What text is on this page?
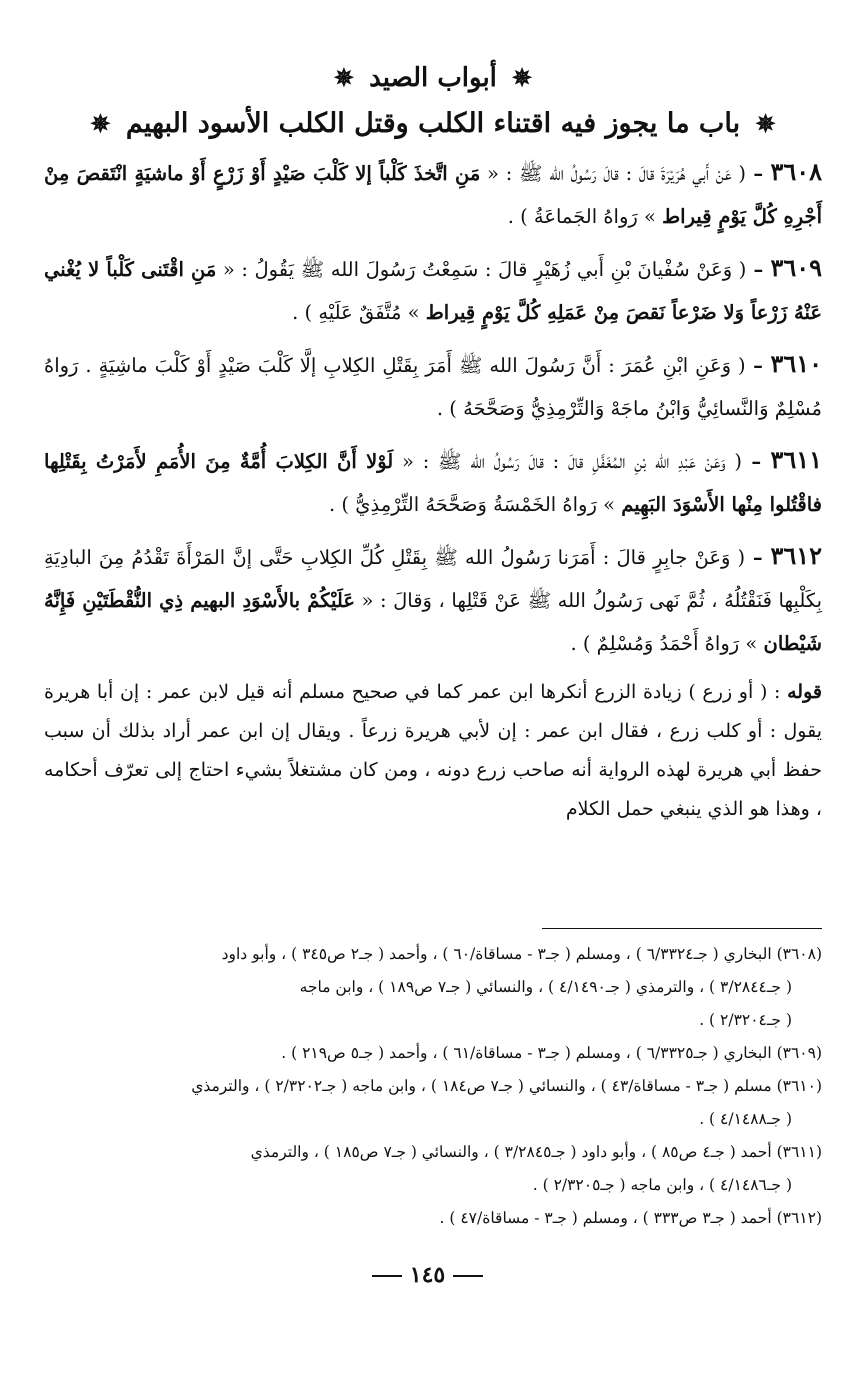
✵ أبواب الصيد ✵
✵ باب ما يجوز فيه اقتناء الكلب وقتل الكلب الأسود البهيم ✵

٣٦٠٨ – ( عَنْ أَبي هُرَيْرَةَ قالَ : قالَ رَسُولُ الله ﷺ : « مَنِ اتَّخذَ كَلْباً إلا كَلْبَ صَيْدٍ أَوْ زَرْعٍ أَوْ ماشيَةٍ انْتَقصَ مِنْ أَجْرِهِ كُلَّ يَوْمٍ قِيراط » رَواهُ الجَماعَةُ ) .

٣٦٠٩ – ( وَعَنْ سُفْيانَ بْنِ أَبي زُهَيْرٍ قالَ : سَمِعْتُ رَسُولَ الله ﷺ يَقُولُ : « مَنِ اقْتَنى كَلْباً لا يُغْني عَنْهُ زَرْعاً وَلا ضَرْعاً نَقصَ مِنْ عَمَلِهِ كُلَّ يَوْمٍ قِيراط » مُتَّفَقٌ عَلَيْهِ ) .

٣٦١٠ – ( وَعَنِ ابْنِ عُمَرَ : أَنَّ رَسُولَ الله ﷺ أَمَرَ بِقَتْلِ الكِلابِ إلَّا كَلْبَ صَيْدٍ أَوْ كَلْبَ ماشِيَةٍ . رَواهُ مُسْلِمٌ وَالنَّسائِيُّ وَابْنُ ماجَهْ وَالتِّرْمِذِيُّ وَصَحَّحَهُ ) .

٣٦١١ – ( وَعَنْ عَبْدِ الله بْنِ المُغَفَّلِ قالَ : قالَ رَسُولُ الله ﷺ : « لَوْلا أَنَّ الكِلابَ أُمَّةٌ مِنَ الأُمَمِ لأَمَرْتُ بِقَتْلِها فاقْتُلوا مِنْها الأَسْوَدَ البَهِيم » رَواهُ الخَمْسَةُ وَصَحَّحَهُ التِّرْمِذِيُّ ) .

٣٦١٢ – ( وَعَنْ جابِرٍ قالَ : أَمَرَنا رَسُولُ الله ﷺ بِقَتْلِ كُلِّ الكِلابِ حَتَّى إنَّ المَرْأَةَ تَقْدُمُ مِنَ البادِيَةِ بِكَلْبِها فَنَقْتُلُهُ ، ثُمَّ نَهى رَسُولُ الله ﷺ عَنْ قَتْلِها ، وَقالَ : « عَلَيْكُمْ بالأَسْوَدِ البهيم ذِي النُّقْطَتَيْنِ فَإِنَّهُ شَيْطان » رَواهُ أَحْمَدُ وَمُسْلِمٌ ) .

قوله : ( أو زرع ) زيادة الزرع أنكرها ابن عمر كما في صحيح مسلم أنه قيل لابن عمر : إن أبا هريرة يقول : أو كلب زرع ، فقال ابن عمر : إن لأبي هريرة زرعاً . ويقال إن ابن عمر أراد بذلك أن سبب حفظ أبي هريرة لهذه الرواية أنه صاحب زرع دونه ، ومن كان مشتغلاً بشيء احتاج إلى تعرّف أحكامه ، وهذا هو الذي ينبغي حمل الكلام

(٣٦٠٨) البخاري ( جـ٦/٣٣٢٤ ) ، ومسلم ( جـ٣ - مساقاة/٦٠ ) ، وأحمد ( جـ٢ ص٣٤٥ ) ، وأبو داود

( جـ٣/٢٨٤٤ ) ، والترمذي ( جـ٤/١٤٩٠ ) ، والنسائي ( جـ٧ ص١٨٩ ) ، وابن ماجه

( جـ٢/٣٢٠٤ ) .

(٣٦٠٩) البخاري ( جـ٦/٣٣٢٥ ) ، ومسلم ( جـ٣ - مساقاة/٦١ ) ، وأحمد ( جـ٥ ص٢١٩ ) .

(٣٦١٠) مسلم ( جـ٣ - مساقاة/٤٣ ) ، والنسائي ( جـ٧ ص١٨٤ ) ، وابن ماجه ( جـ٢/٣٢٠٢ ) ، والترمذي

( جـ٤/١٤٨٨ ) .

(٣٦١١) أحمد ( جـ٤ ص٨٥ ) ، وأبو داود ( جـ٣/٢٨٤٥ ) ، والنسائي ( جـ٧ ص١٨٥ ) ، والترمذي

( جـ٤/١٤٨٦ ) ، وابن ماجه ( جـ٢/٣٢٠٥ ) .

(٣٦١٢) أحمد ( جـ٣ ص٣٣٣ ) ، ومسلم ( جـ٣ - مساقاة/٤٧ ) .

١٤٥
